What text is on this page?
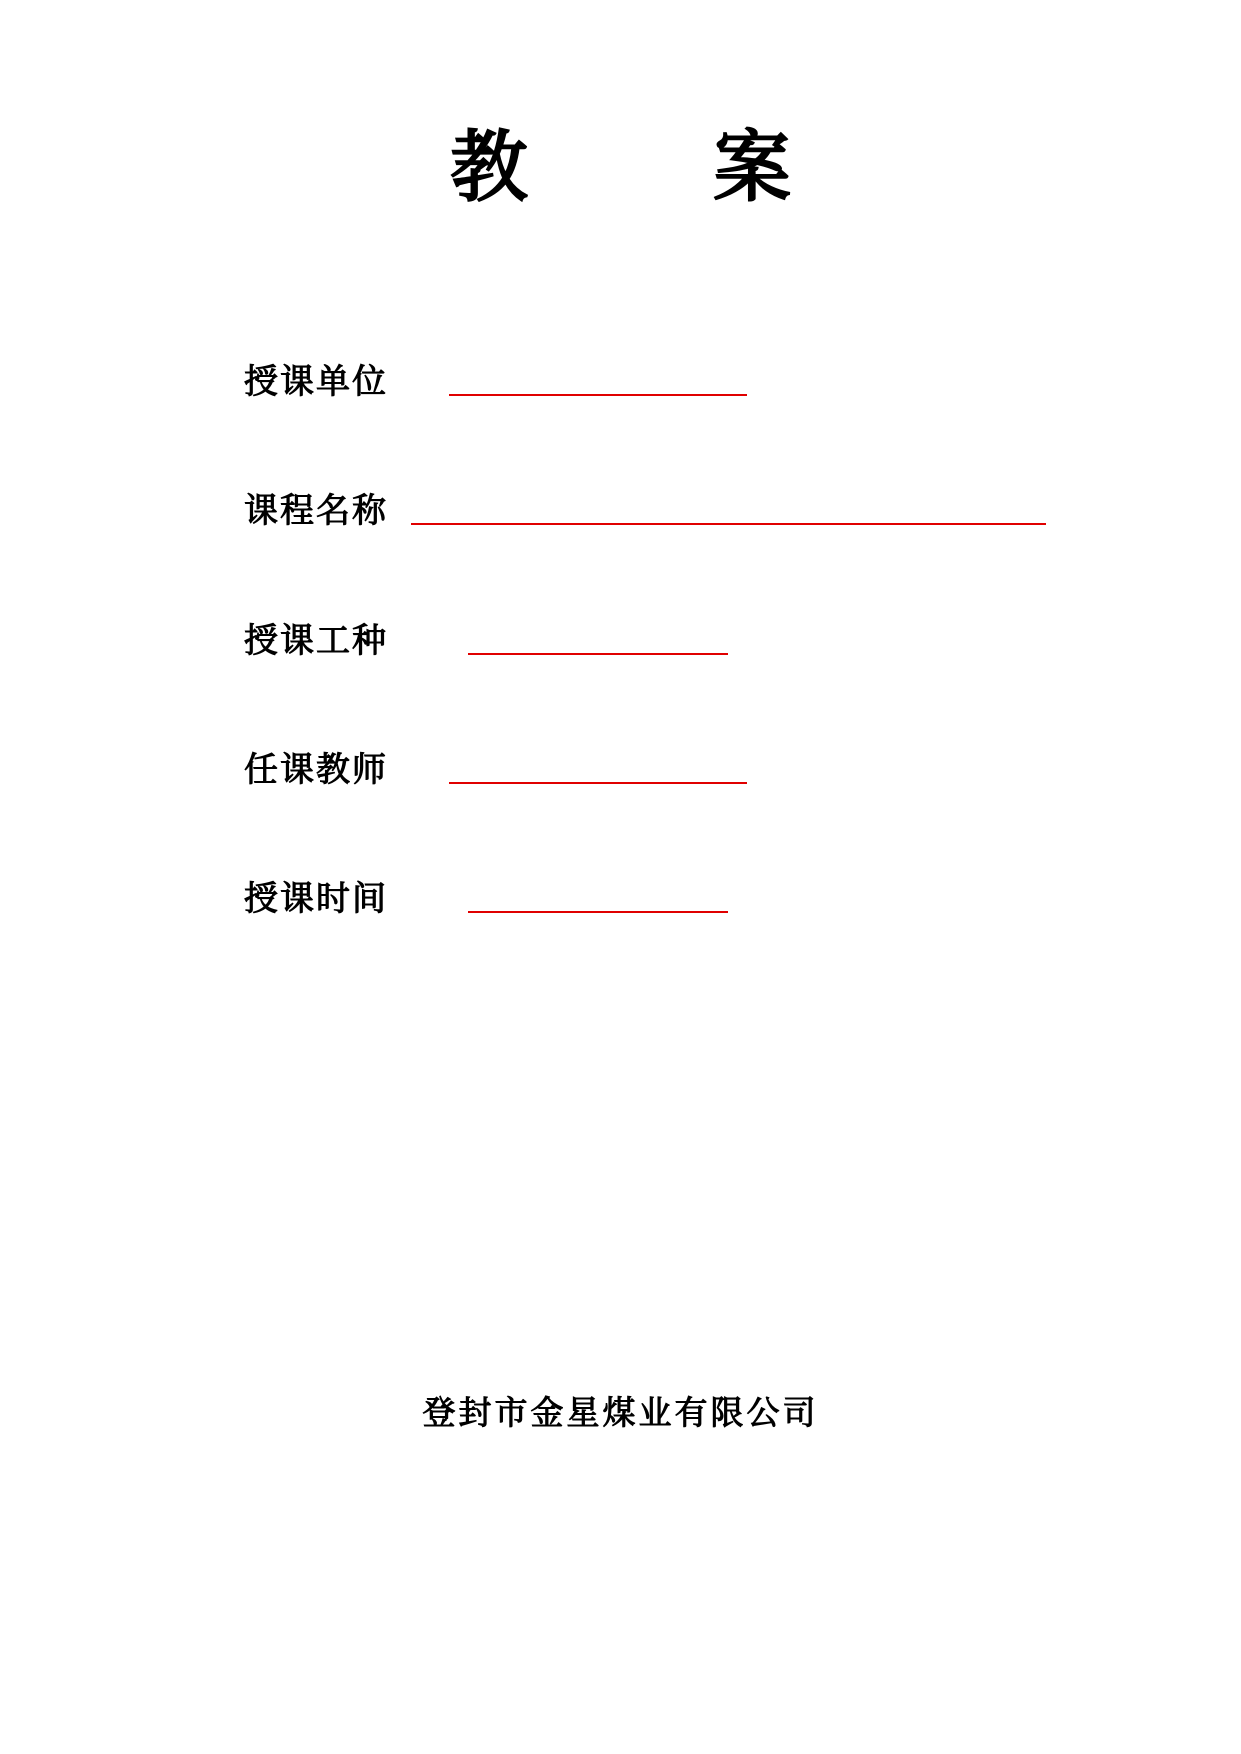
教 案
授课单位
课程名称
授课工种
任课教师
授课时间
登封市金星煤业有限公司
